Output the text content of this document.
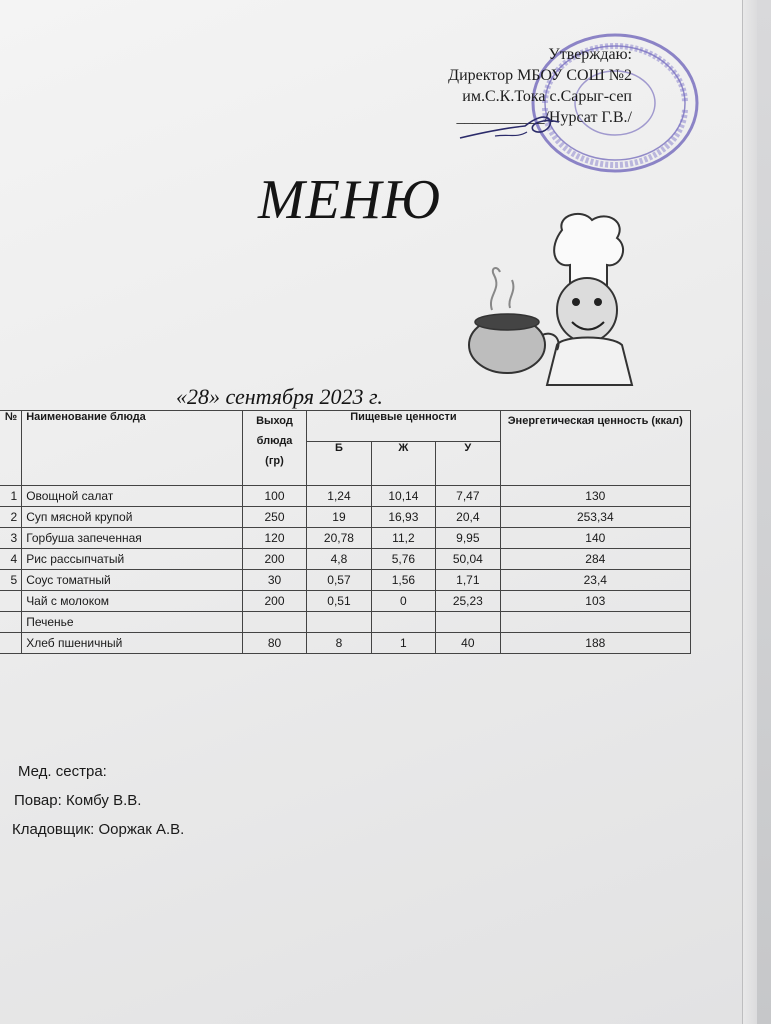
Утверждаю:
Директор МБОУ СОШ №2
им.С.К.Тока с.Сарыг-сеп
___________/Нурсат Г.В./
МЕНЮ
«28» сентября 2023 г.
№	Наименование блюда	Выход блюда (гр)	Пищевые ценности			Энергетическая ценность (ккал)
			Б	Ж	У	
1	Овощной салат	100	1,24	10,14	7,47	130
2	Суп мясной крупой	250	19	16,93	20,4	253,34
3	Горбуша запеченная	120	20,78	11,2	9,95	140
4	Рис рассыпчатый	200	4,8	5,76	50,04	284
5	Соус томатный	30	0,57	1,56	1,71	23,4
	Чай с молоком	200	0,51	0	25,23	103
	Печенье					
	Хлеб пшеничный	80	8	1	40	188
Мед. сестра:
Повар: Комбу В.В.
Кладовщик: Ооржак А.В.
